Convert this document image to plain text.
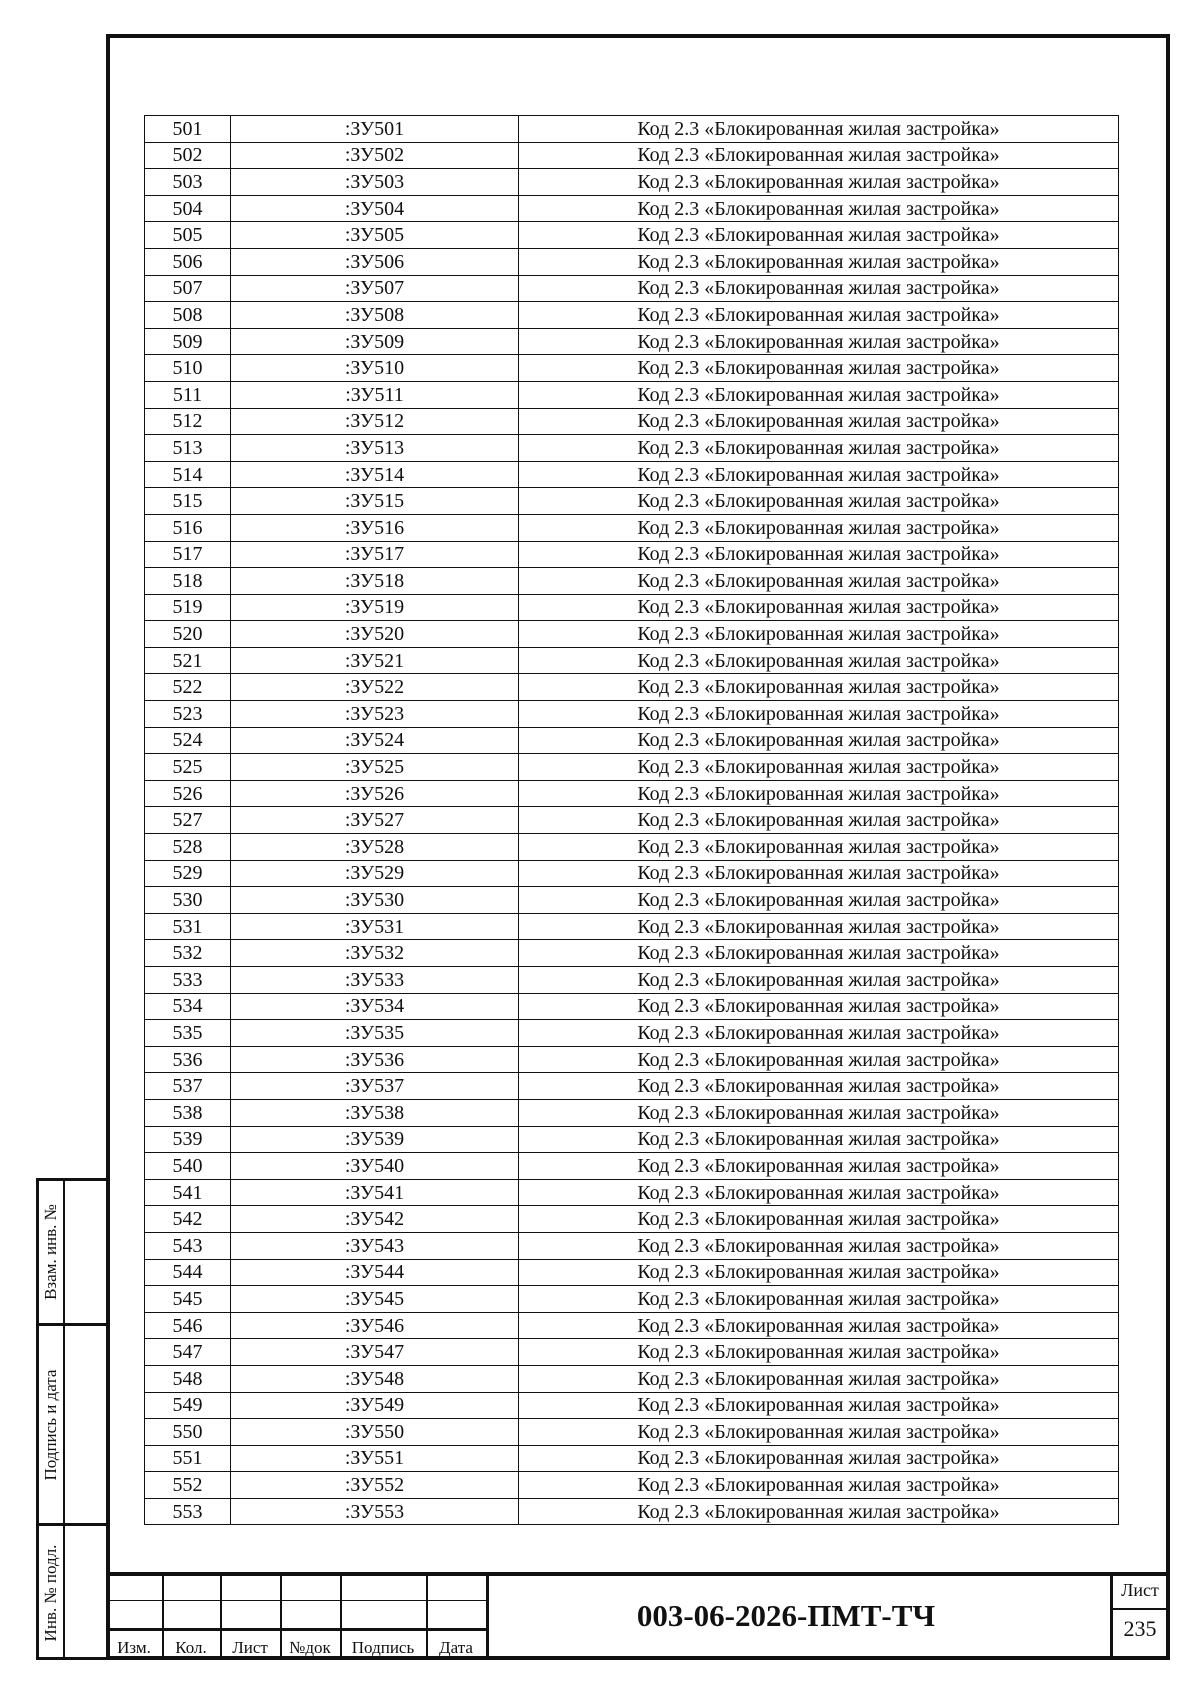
Взам. инв. №
Подпись и дата
Инв. № подл.
501	:ЗУ501	Код 2.3 «Блокированная жилая застройка»
502	:ЗУ502	Код 2.3 «Блокированная жилая застройка»
503	:ЗУ503	Код 2.3 «Блокированная жилая застройка»
504	:ЗУ504	Код 2.3 «Блокированная жилая застройка»
505	:ЗУ505	Код 2.3 «Блокированная жилая застройка»
506	:ЗУ506	Код 2.3 «Блокированная жилая застройка»
507	:ЗУ507	Код 2.3 «Блокированная жилая застройка»
508	:ЗУ508	Код 2.3 «Блокированная жилая застройка»
509	:ЗУ509	Код 2.3 «Блокированная жилая застройка»
510	:ЗУ510	Код 2.3 «Блокированная жилая застройка»
511	:ЗУ511	Код 2.3 «Блокированная жилая застройка»
512	:ЗУ512	Код 2.3 «Блокированная жилая застройка»
513	:ЗУ513	Код 2.3 «Блокированная жилая застройка»
514	:ЗУ514	Код 2.3 «Блокированная жилая застройка»
515	:ЗУ515	Код 2.3 «Блокированная жилая застройка»
516	:ЗУ516	Код 2.3 «Блокированная жилая застройка»
517	:ЗУ517	Код 2.3 «Блокированная жилая застройка»
518	:ЗУ518	Код 2.3 «Блокированная жилая застройка»
519	:ЗУ519	Код 2.3 «Блокированная жилая застройка»
520	:ЗУ520	Код 2.3 «Блокированная жилая застройка»
521	:ЗУ521	Код 2.3 «Блокированная жилая застройка»
522	:ЗУ522	Код 2.3 «Блокированная жилая застройка»
523	:ЗУ523	Код 2.3 «Блокированная жилая застройка»
524	:ЗУ524	Код 2.3 «Блокированная жилая застройка»
525	:ЗУ525	Код 2.3 «Блокированная жилая застройка»
526	:ЗУ526	Код 2.3 «Блокированная жилая застройка»
527	:ЗУ527	Код 2.3 «Блокированная жилая застройка»
528	:ЗУ528	Код 2.3 «Блокированная жилая застройка»
529	:ЗУ529	Код 2.3 «Блокированная жилая застройка»
530	:ЗУ530	Код 2.3 «Блокированная жилая застройка»
531	:ЗУ531	Код 2.3 «Блокированная жилая застройка»
532	:ЗУ532	Код 2.3 «Блокированная жилая застройка»
533	:ЗУ533	Код 2.3 «Блокированная жилая застройка»
534	:ЗУ534	Код 2.3 «Блокированная жилая застройка»
535	:ЗУ535	Код 2.3 «Блокированная жилая застройка»
536	:ЗУ536	Код 2.3 «Блокированная жилая застройка»
537	:ЗУ537	Код 2.3 «Блокированная жилая застройка»
538	:ЗУ538	Код 2.3 «Блокированная жилая застройка»
539	:ЗУ539	Код 2.3 «Блокированная жилая застройка»
540	:ЗУ540	Код 2.3 «Блокированная жилая застройка»
541	:ЗУ541	Код 2.3 «Блокированная жилая застройка»
542	:ЗУ542	Код 2.3 «Блокированная жилая застройка»
543	:ЗУ543	Код 2.3 «Блокированная жилая застройка»
544	:ЗУ544	Код 2.3 «Блокированная жилая застройка»
545	:ЗУ545	Код 2.3 «Блокированная жилая застройка»
546	:ЗУ546	Код 2.3 «Блокированная жилая застройка»
547	:ЗУ547	Код 2.3 «Блокированная жилая застройка»
548	:ЗУ548	Код 2.3 «Блокированная жилая застройка»
549	:ЗУ549	Код 2.3 «Блокированная жилая застройка»
550	:ЗУ550	Код 2.3 «Блокированная жилая застройка»
551	:ЗУ551	Код 2.3 «Блокированная жилая застройка»
552	:ЗУ552	Код 2.3 «Блокированная жилая застройка»
553	:ЗУ553	Код 2.3 «Блокированная жилая застройка»
Изм.	Кол.	Лист	№док	Подпись	Дата
003-06-2026-ПМТ-ТЧ
Лист
235
